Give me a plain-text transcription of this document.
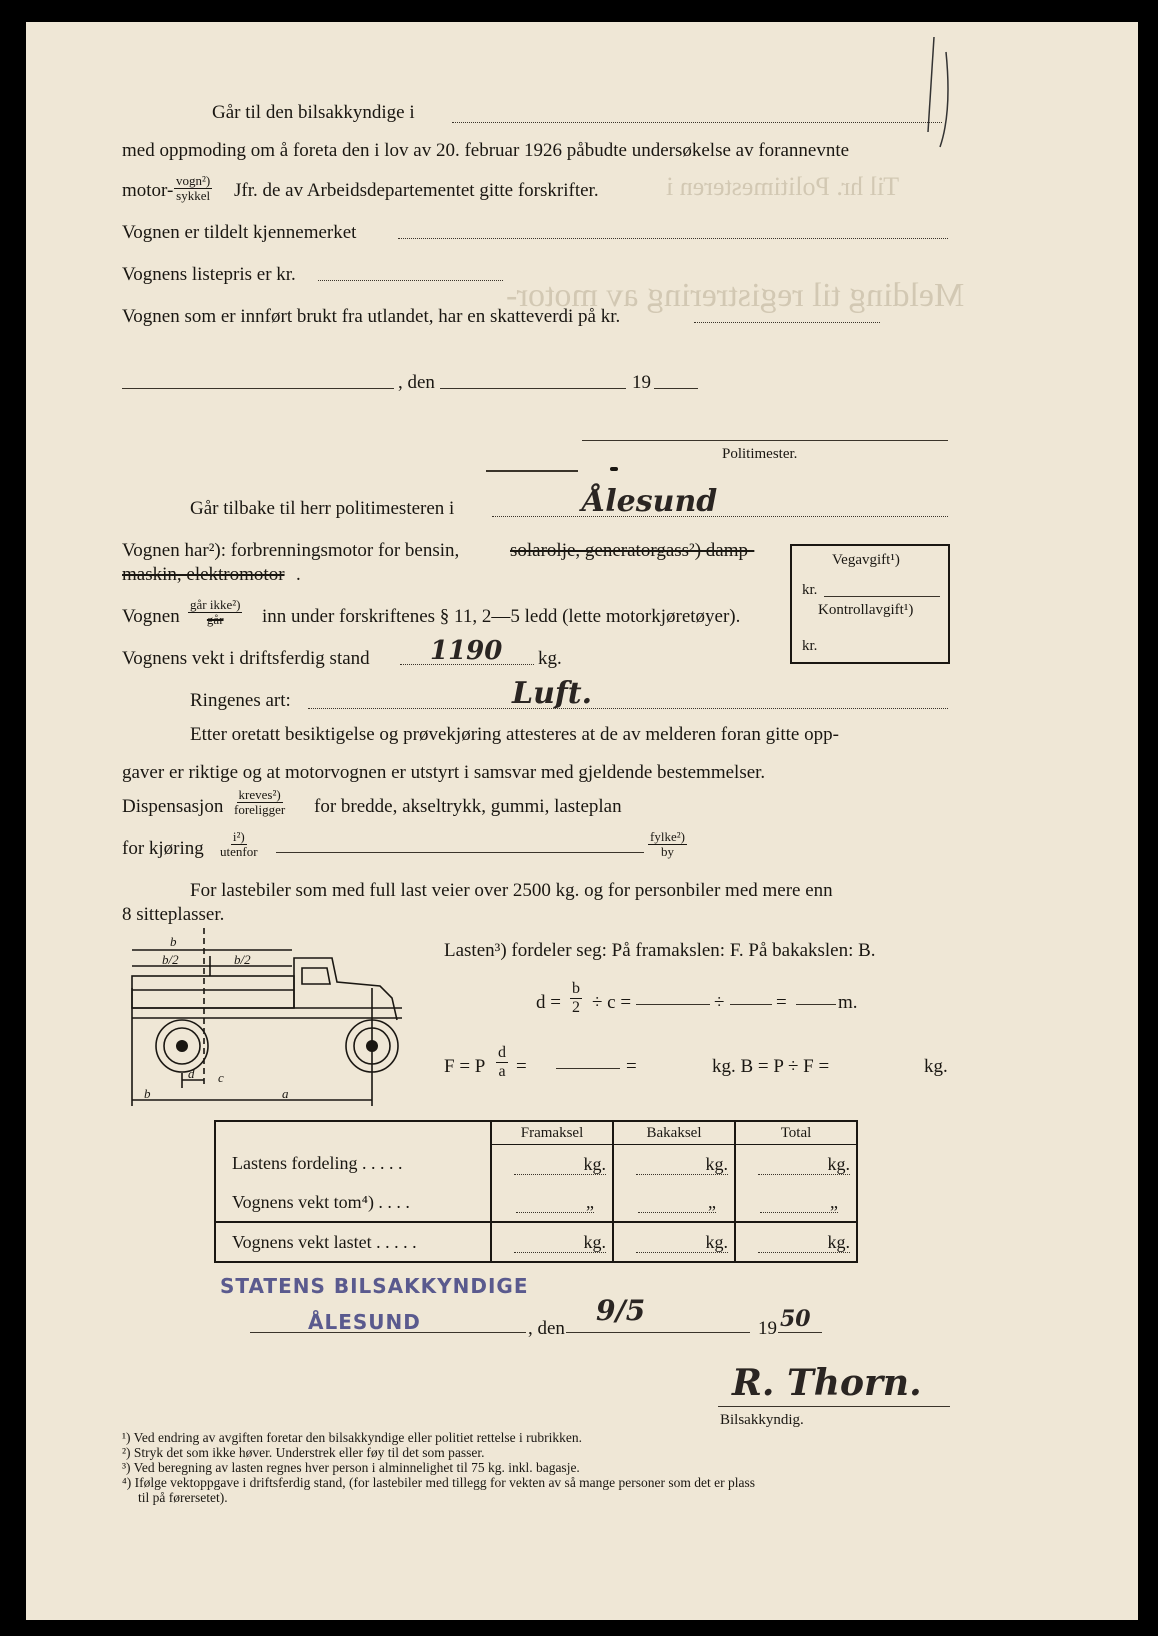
Melding til registrering av motor-
Til hr. Politimesteren i
Går til den bilsakkyndige i
med oppmoding om å foreta den i lov av 20. februar 1926 påbudte undersøkelse av forannevnte
motor- vogn²)
sykkel Jfr. de av Arbeidsdepartementet gitte forskrifter.
Vognen er tildelt kjennemerket
Vognens listepris er kr.
Vognen som er innført brukt fra utlandet, har en skatteverdi på kr.
, den	19
Politimester.
Går tilbake til herr politimesteren i	Ålesund
Vognen har²): forbrenningsmotor for bensin,	solarolje, generatorgass²) damp-
maskin, elektromotor .
Vognen
går ikke²)
går inn under forskriftenes § 11, 2—5 ledd (lette motorkjøretøyer).
Vognens vekt i driftsferdig stand 1190 kg.
Vegavgift¹)
kr.
Kontrollavgift¹)
kr.
Ringenes art:	Luft.
Etter oretatt besiktigelse og prøvekjøring attesteres at de av melderen foran gitte opp-
gaver er riktige og at motorvognen er utstyrt i samsvar med gjeldende bestemmelser.
Dispensasjon
kreves²)
foreligger for bredde, akseltrykk, gummi, lasteplan
for kjøring
i²)
utenfor
fylke²)
by
For lastebiler som med full last veier over 2500 kg. og for personbiler med mere enn
8 sitteplasser.
b
b/2	b/2
c
d
b	a
Lasten³) fordeler seg: På framakslen: F. På bakakslen: B.
$d = \frac{b}{2} \div c$ =	÷	=	m.
F = P $\frac{d}{a}$ =	=	kg. B = P ÷ F =	kg.
	Framaksel	Bakaksel	Total
Lastens fordeling . . . . .	kg.	kg.	kg.
Vognens vekt tom⁴) . . . .	„	„	„
Vognens vekt lastet . . . . .	kg.	kg.	kg.
STATENS BILSAKKYNDIGE
ÅLESUND	, den
9/5
19 50
R. Thorn.
Bilsakkyndig.
¹) Ved endring av avgiften foretar den bilsakkyndige eller politiet rettelse i rubrikken.
²) Stryk det som ikke høver. Understrek eller føy til det som passer.
³) Ved beregning av lasten regnes hver person i alminnelighet til 75 kg. inkl. bagasje.
⁴) Ifølge vektoppgave i driftsferdig stand, (for lastebiler med tillegg for vekten av så mange personer som det er plass
til på førersetet).
